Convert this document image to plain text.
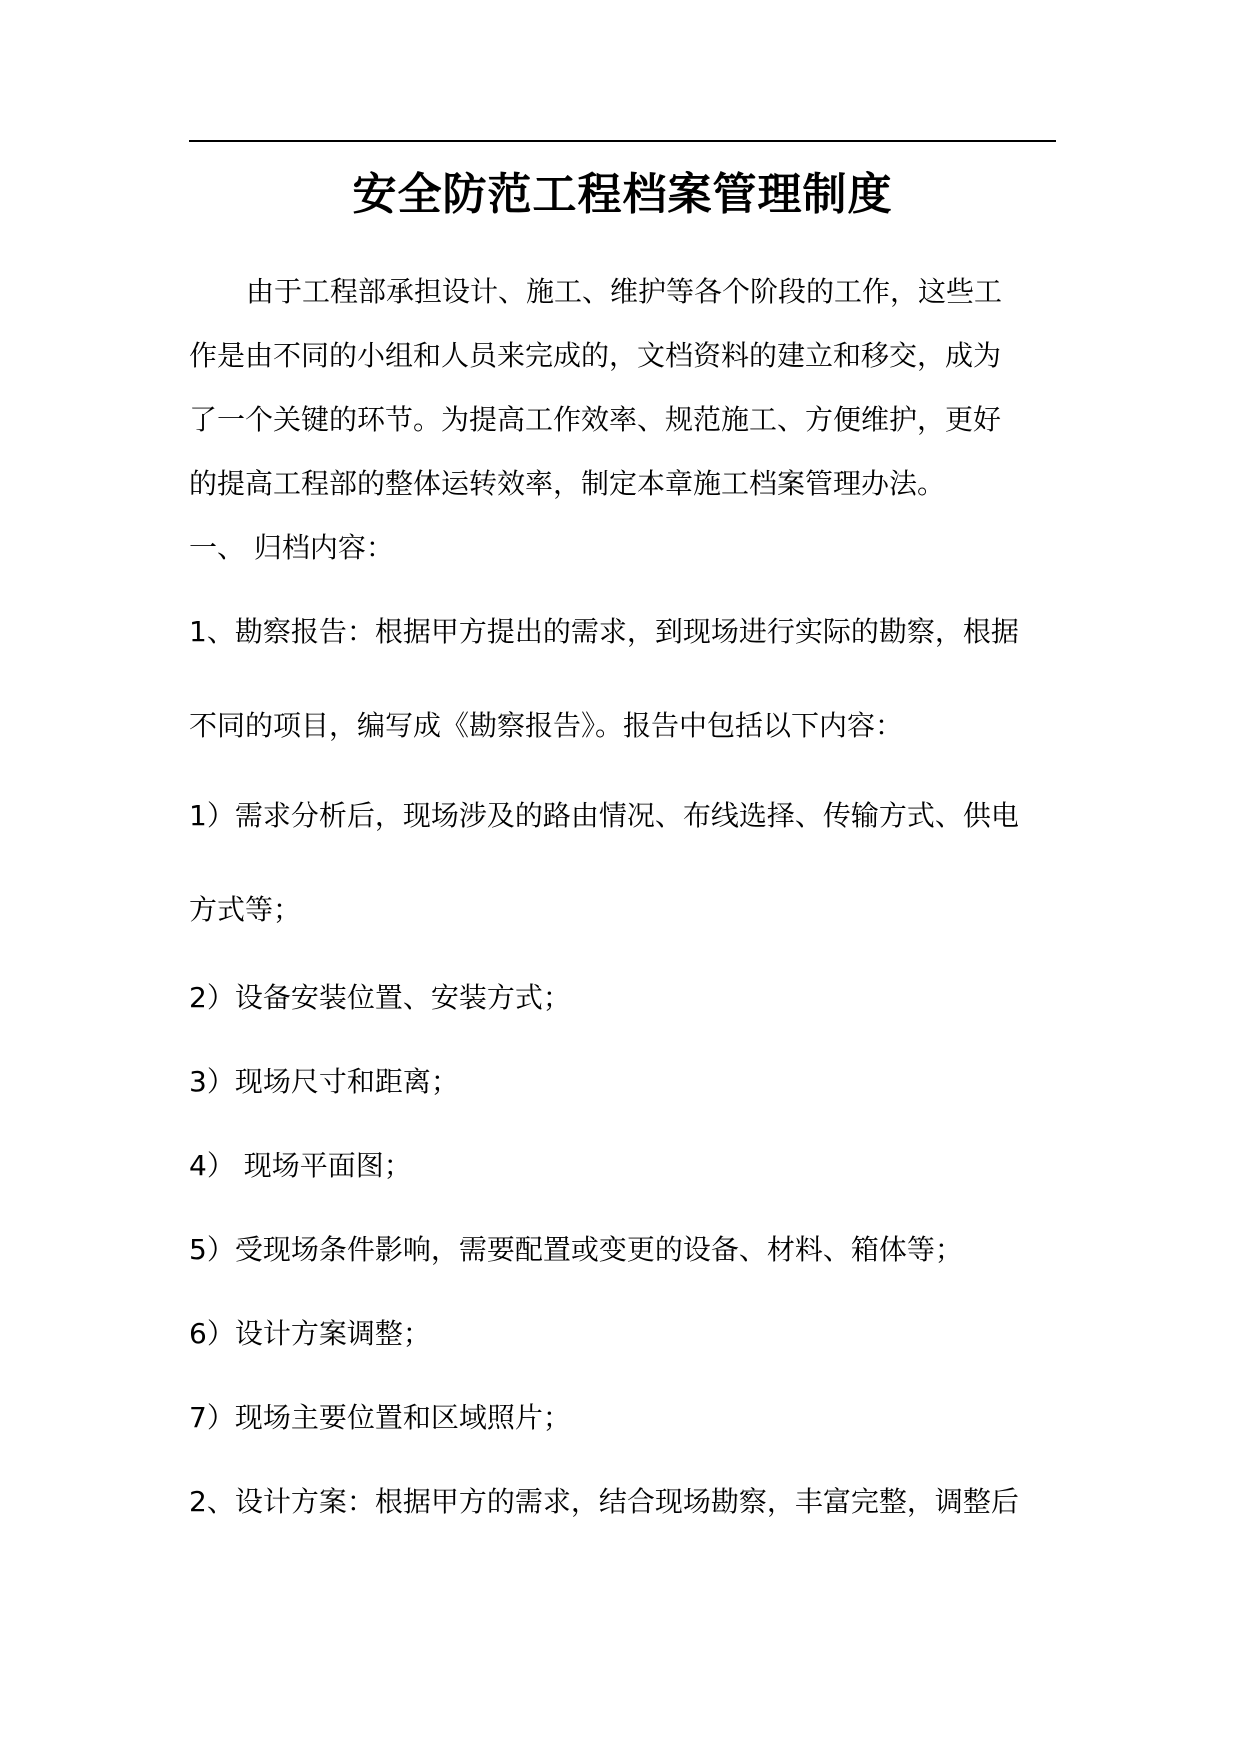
安全防范工程档案管理制度
由于工程部承担设计、施工、维护等各个阶段的工作，这些工
作是由不同的小组和人员来完成的，文档资料的建立和移交，成为
了一个关键的环节。为提高工作效率、规范施工、方便维护，更好
的提高工程部的整体运转效率，制定本章施工档案管理办法。
一、 归档内容：
1、勘察报告：根据甲方提出的需求，到现场进行实际的勘察，根据
不同的项目，编写成《勘察报告》。报告中包括以下内容：
1）需求分析后，现场涉及的路由情况、布线选择、传输方式、供电
方式等；
2）设备安装位置、安装方式；
3）现场尺寸和距离；
4） 现场平面图；
5）受现场条件影响，需要配置或变更的设备、材料、箱体等；
6）设计方案调整；
7）现场主要位置和区域照片；
2、设计方案：根据甲方的需求，结合现场勘察，丰富完整，调整后
